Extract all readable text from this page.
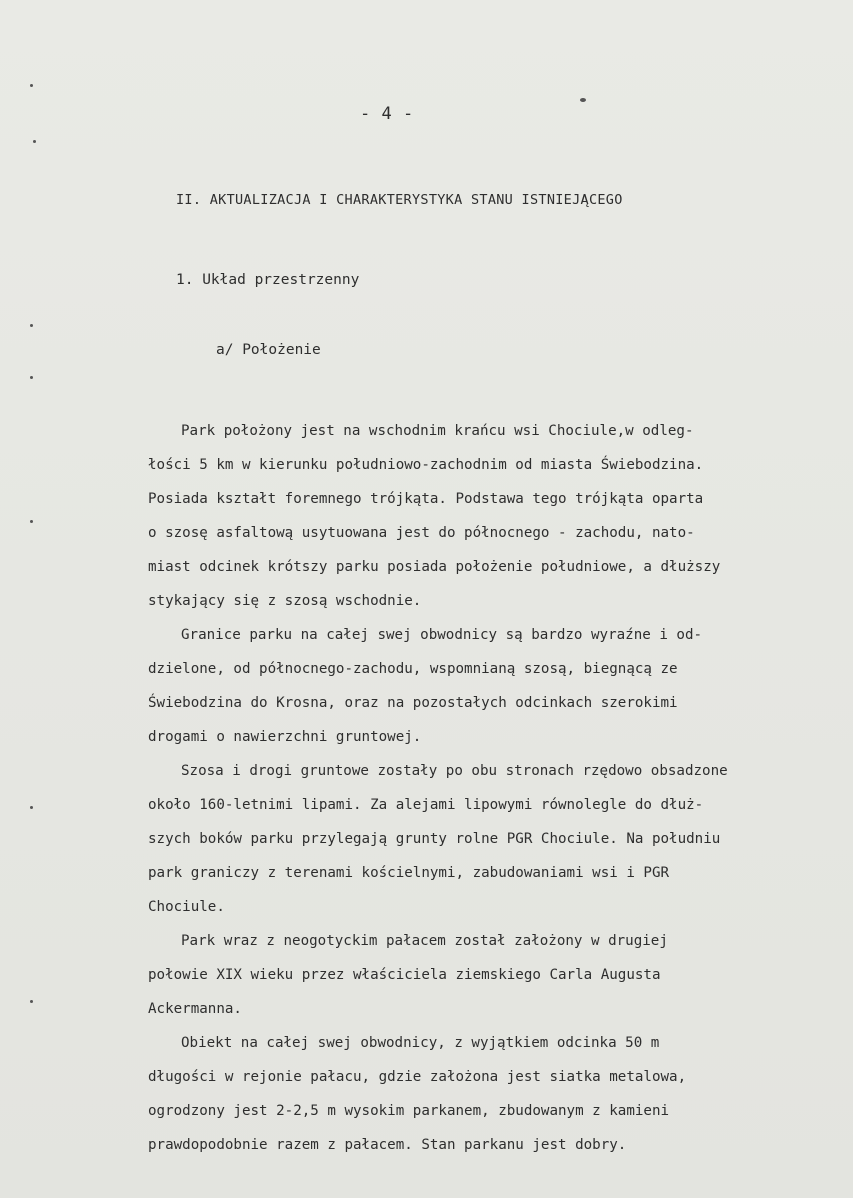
- 4 -
II. AKTUALIZACJA I CHARAKTERYSTYKA STANU ISTNIEJĄCEGO
1. Układ przestrzenny
a/ Położenie
Park położony jest na wschodnim krańcu wsi Chociule,w odleg-
łości 5 km w kierunku południowo-zachodnim od miasta Świebodzina.
Posiada kształt foremnego trójkąta. Podstawa tego trójkąta oparta
o szosę asfaltową usytuowana jest do północnego - zachodu, nato-
miast odcinek krótszy parku posiada położenie południowe, a dłuższy
stykający się z szosą wschodnie.
Granice parku na całej swej obwodnicy są bardzo wyraźne i od-
dzielone, od północnego-zachodu, wspomnianą szosą, biegnącą ze
Świebodzina do Krosna, oraz na pozostałych odcinkach szerokimi
drogami o nawierzchni gruntowej.
Szosa i drogi gruntowe zostały po obu stronach rzędowo obsadzone
około 160-letnimi lipami. Za alejami lipowymi równolegle do dłuż-
szych boków parku przylegają grunty rolne PGR Chociule. Na południu
park graniczy z terenami kościelnymi, zabudowaniami wsi i PGR
Chociule.
Park wraz z neogotyckim pałacem został założony w drugiej
połowie XIX wieku przez właściciela ziemskiego Carla Augusta
Ackermanna.
Obiekt na całej swej obwodnicy, z wyjątkiem odcinka 50 m
długości w rejonie pałacu, gdzie założona jest siatka metalowa,
ogrodzony jest 2-2,5 m wysokim parkanem, zbudowanym z kamieni
prawdopodobnie razem z pałacem. Stan parkanu jest dobry.
